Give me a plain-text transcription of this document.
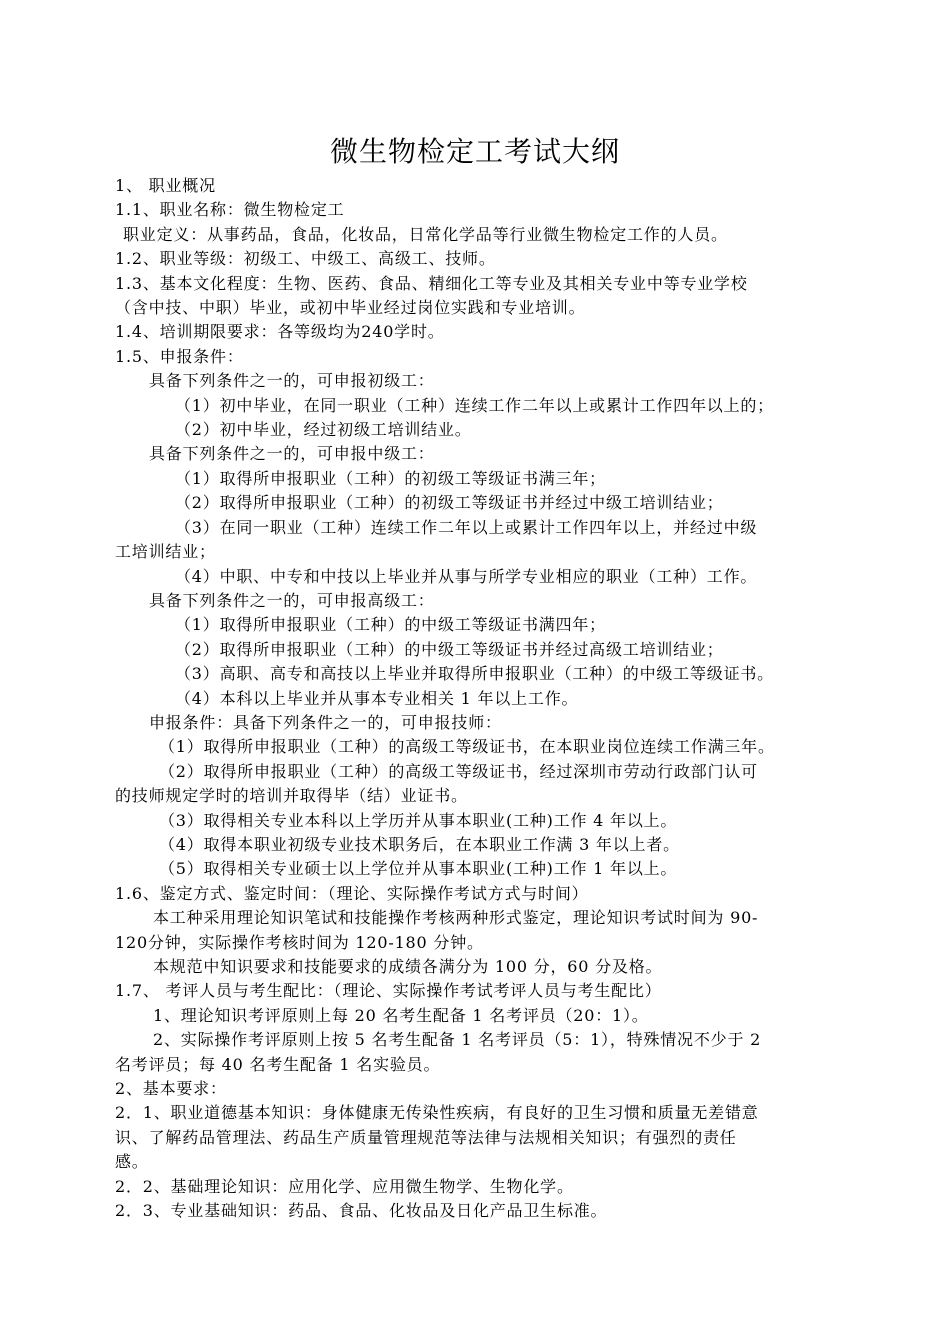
微生物检定工考试大纲
1、 职业概况
1.1、职业名称：微生物检定工
职业定义：从事药品，食品，化妆品，日常化学品等行业微生物检定工作的人员。
1.2、职业等级：初级工、中级工、高级工、技师。
1.3、基本文化程度：生物、医药、食品、精细化工等专业及其相关专业中等专业学校
（含中技、中职）毕业，或初中毕业经过岗位实践和专业培训。
1.4、培训期限要求：各等级均为240学时。
1.5、申报条件：
具备下列条件之一的，可申报初级工：
（1）初中毕业，在同一职业（工种）连续工作二年以上或累计工作四年以上的；
（2）初中毕业，经过初级工培训结业。
具备下列条件之一的，可申报中级工：
（1）取得所申报职业（工种）的初级工等级证书满三年；
（2）取得所申报职业（工种）的初级工等级证书并经过中级工培训结业；
（3）在同一职业（工种）连续工作二年以上或累计工作四年以上，并经过中级
工培训结业；
（4）中职、中专和中技以上毕业并从事与所学专业相应的职业（工种）工作。
具备下列条件之一的，可申报高级工：
（1）取得所申报职业（工种）的中级工等级证书满四年；
（2）取得所申报职业（工种）的中级工等级证书并经过高级工培训结业；
（3）高职、高专和高技以上毕业并取得所申报职业（工种）的中级工等级证书。
（4）本科以上毕业并从事本专业相关 1 年以上工作。
申报条件：具备下列条件之一的，可申报技师：
（1）取得所申报职业（工种）的高级工等级证书，在本职业岗位连续工作满三年。
（2）取得所申报职业（工种）的高级工等级证书，经过深圳市劳动行政部门认可
的技师规定学时的培训并取得毕（结）业证书。
（3）取得相关专业本科以上学历并从事本职业(工种)工作 4 年以上。
（4）取得本职业初级专业技术职务后，在本职业工作满 3 年以上者。
（5）取得相关专业硕士以上学位并从事本职业(工种)工作 1 年以上。
1.6、鉴定方式、鉴定时间：（理论、实际操作考试方式与时间）
本工种采用理论知识笔试和技能操作考核两种形式鉴定，理论知识考试时间为 90-
120分钟，实际操作考核时间为 120-180 分钟。
本规范中知识要求和技能要求的成绩各满分为 100 分，60 分及格。
1.7、 考评人员与考生配比：（理论、实际操作考试考评人员与考生配比）
1、理论知识考评原则上每 20 名考生配备 1 名考评员（20：1）。
2、实际操作考评原则上按 5 名考生配备 1 名考评员（5：1），特殊情况不少于 2
名考评员；每 40 名考生配备 1 名实验员。
2、基本要求：
2．1、职业道德基本知识：身体健康无传染性疾病，有良好的卫生习惯和质量无差错意
识、了解药品管理法、药品生产质量管理规范等法律与法规相关知识；有强烈的责任
感。
2．2、基础理论知识：应用化学、应用微生物学、生物化学。
2．3、专业基础知识：药品、食品、化妆品及日化产品卫生标准。
